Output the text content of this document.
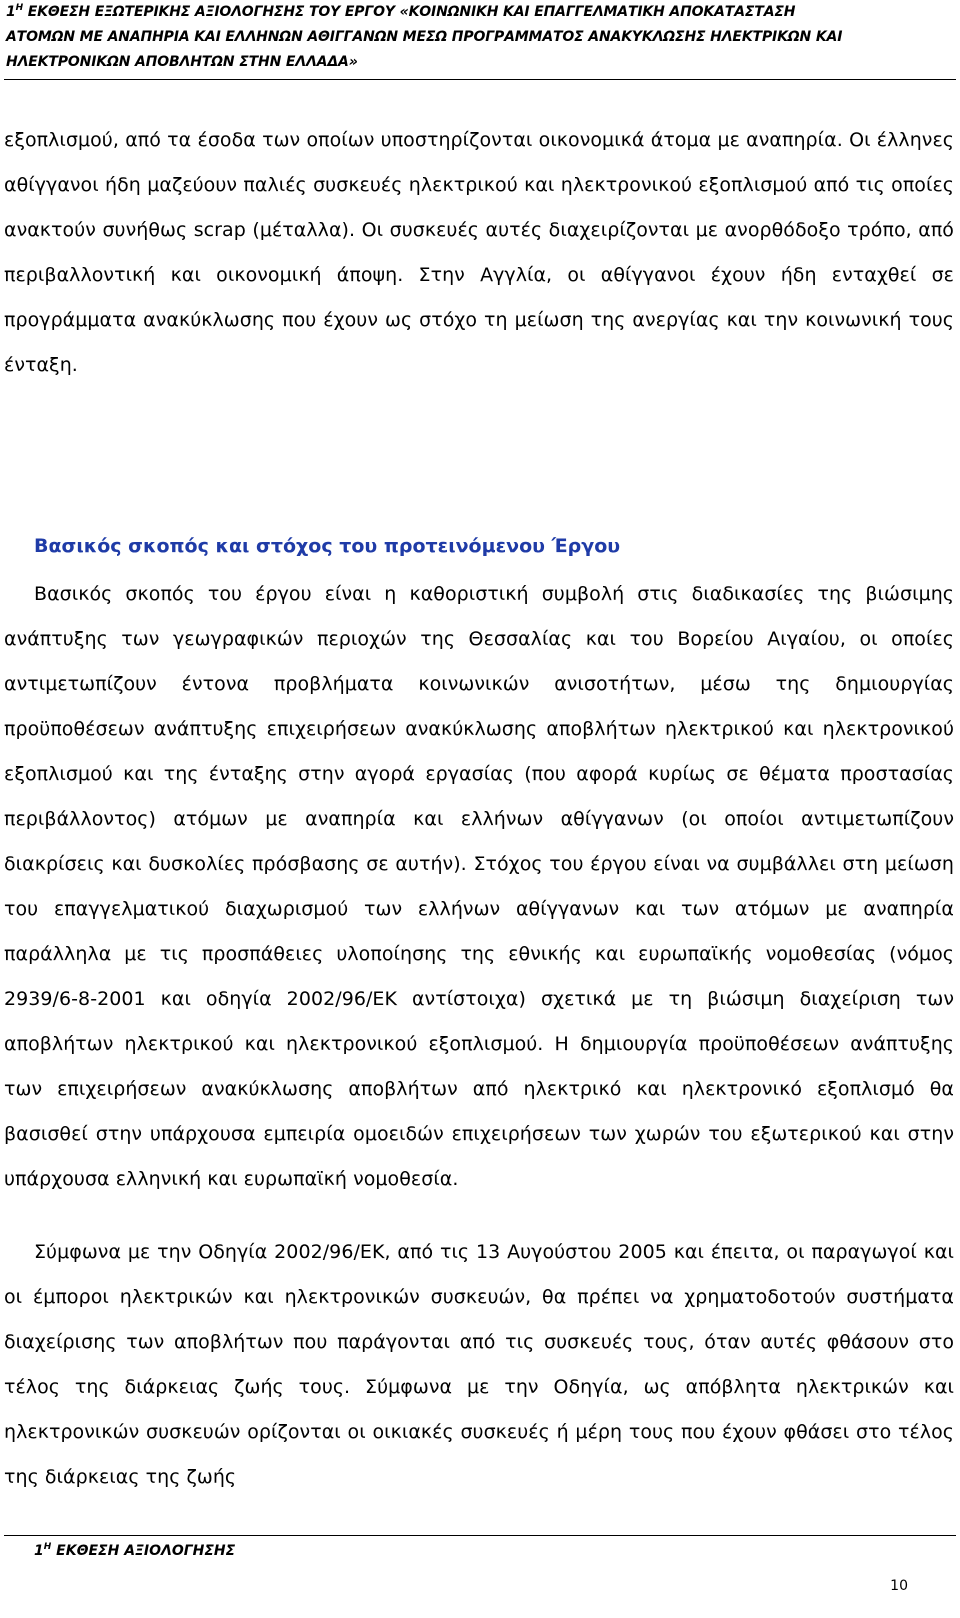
$1^H$ ΕΚΘΕΣΗ ΕΞΩΤΕΡΙΚΗΣ ΑΞΙΟΛΟΓΗΣΗΣ ΤΟΥ ΕΡΓΟΥ «ΚΟΙΝΩΝΙΚΗ ΚΑΙ ΕΠΑΓΓΕΛΜΑΤΙΚΗ ΑΠΟΚΑΤΑΣΤΑΣΗ
ΑΤΟΜΩΝ ΜΕ ΑΝΑΠΗΡΙΑ ΚΑΙ ΕΛΛΗΝΩΝ ΑΘΙΓΓΑΝΩΝ ΜΕΣΩ ΠΡΟΓΡΑΜΜΑΤΟΣ ΑΝΑΚΥΚΛΩΣΗΣ ΗΛΕΚΤΡΙΚΩΝ ΚΑΙ
ΗΛΕΚΤΡΟΝΙΚΩΝ ΑΠΟΒΛΗΤΩΝ ΣΤΗΝ ΕΛΛΑΔΑ»
εξοπλισμού, από τα έσοδα των οποίων υποστηρίζονται οικονομικά άτομα με αναπηρία. Οι έλληνες αθίγγανοι ήδη μαζεύουν παλιές συσκευές ηλεκτρικού και ηλεκτρονικού εξοπλισμού από τις οποίες ανακτούν συνήθως scrap (μέταλλα). Οι συσκευές αυτές διαχειρίζονται με ανορθόδοξο τρόπο, από περιβαλλοντική και οικονομική άποψη. Στην Αγγλία, οι αθίγγανοι έχουν ήδη ενταχθεί σε προγράμματα ανακύκλωσης που έχουν ως στόχο τη μείωση της ανεργίας και την κοινωνική τους ένταξη.
Βασικός σκοπός και στόχος του προτεινόμενου Έργου
Βασικός σκοπός του έργου είναι η καθοριστική συμβολή στις διαδικασίες της βιώσιμης ανάπτυξης των γεωγραφικών περιοχών της Θεσσαλίας και του Βορείου Αιγαίου, οι οποίες αντιμετωπίζουν έντονα προβλήματα κοινωνικών ανισοτήτων, μέσω της δημιουργίας προϋποθέσεων ανάπτυξης επιχειρήσεων ανακύκλωσης αποβλήτων ηλεκτρικού και ηλεκτρονικού εξοπλισμού και της ένταξης στην αγορά εργασίας (που αφορά κυρίως σε θέματα προστασίας περιβάλλοντος) ατόμων με αναπηρία και ελλήνων αθίγγανων (οι οποίοι αντιμετωπίζουν διακρίσεις και δυσκολίες πρόσβασης σε αυτήν). Στόχος του έργου είναι να συμβάλλει στη μείωση του επαγγελματικού διαχωρισμού των ελλήνων αθίγγανων και των ατόμων με αναπηρία παράλληλα με τις προσπάθειες υλοποίησης της εθνικής και ευρωπαϊκής νομοθεσίας (νόμος 2939/6-8-2001 και οδηγία 2002/96/ΕΚ αντίστοιχα) σχετικά με τη βιώσιμη διαχείριση των αποβλήτων ηλεκτρικού και ηλεκτρονικού εξοπλισμού. Η δημιουργία προϋποθέσεων ανάπτυξης των επιχειρήσεων ανακύκλωσης αποβλήτων από ηλεκτρικό και ηλεκτρονικό εξοπλισμό θα βασισθεί στην υπάρχουσα εμπειρία ομοειδών επιχειρήσεων των χωρών του εξωτερικού και στην υπάρχουσα ελληνική και ευρωπαϊκή νομοθεσία.
Σύμφωνα με την Οδηγία 2002/96/ΕΚ, από τις 13 Αυγούστου 2005 και έπειτα, οι παραγωγοί και οι έμποροι ηλεκτρικών και ηλεκτρονικών συσκευών, θα πρέπει να χρηματοδοτούν συστήματα διαχείρισης των αποβλήτων που παράγονται από τις συσκευές τους, όταν αυτές φθάσουν στο τέλος της διάρκειας ζωής τους. Σύμφωνα με την Οδηγία, ως απόβλητα ηλεκτρικών και ηλεκτρονικών συσκευών ορίζονται οι οικιακές συσκευές ή μέρη τους που έχουν φθάσει στο τέλος της διάρκειας της ζωής
$1^H$ ΕΚΘΕΣΗ ΑΞΙΟΛΟΓΗΣΗΣ
10
